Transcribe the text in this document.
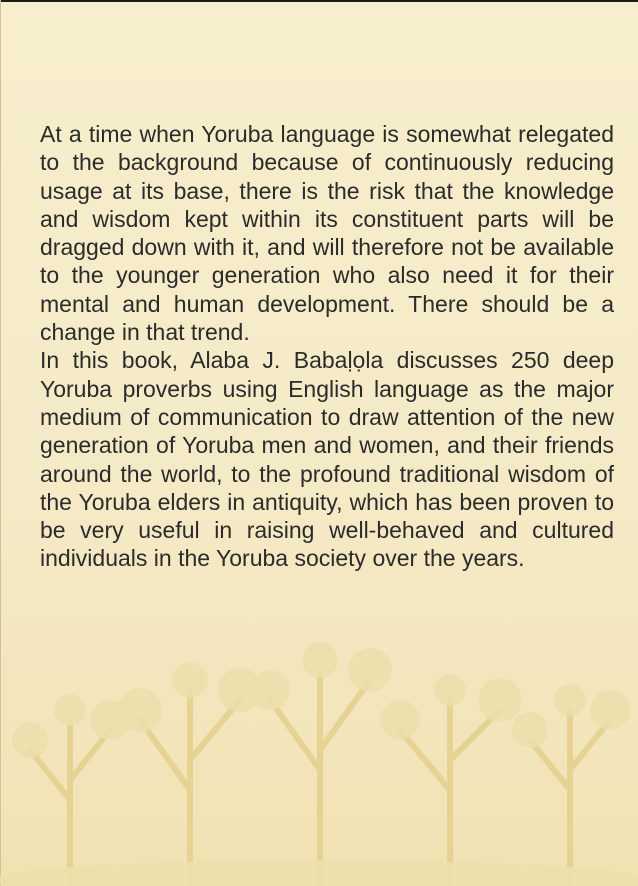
At a time when Yoruba language is somewhat relegated to the background because of continuously reducing usage at its base, there is the risk that the knowledge and wisdom kept within its constituent parts will be dragged down with it, and will therefore not be available to the younger generation who also need it for their mental and human development. There should be a change in that trend.

In this book, Alaba J. Babaḷọla discusses 250 deep Yoruba proverbs using English language as the major medium of communication to draw attention of the new generation of Yoruba men and women, and their friends around the world, to the profound traditional wisdom of the Yoruba elders in antiquity, which has been proven to be very useful in raising well-behaved and cultured individuals in the Yoruba society over the years.
